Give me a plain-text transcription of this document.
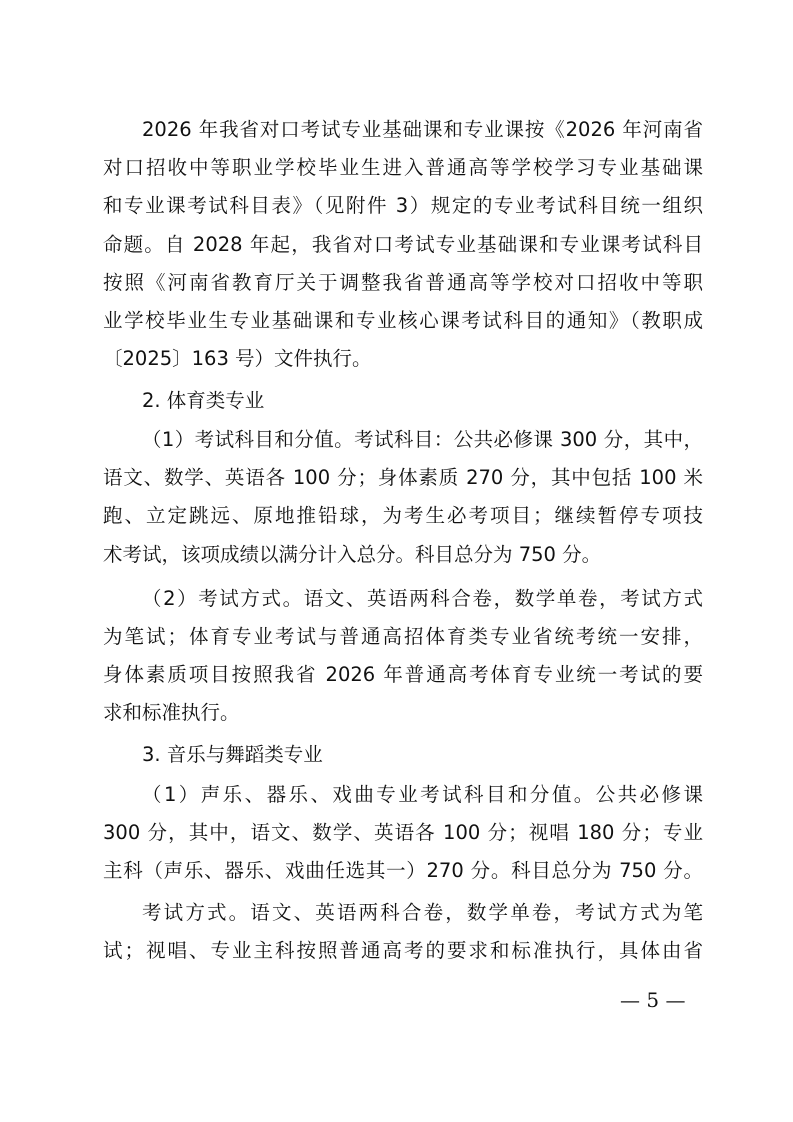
2026 年我省对口考试专业基础课和专业课按《2026 年河南省
对口招收中等职业学校毕业生进入普通高等学校学习专业基础课
和专业课考试科目表》（见附件 3）规定的专业考试科目统一组织
命题。自 2028 年起，我省对口考试专业基础课和专业课考试科目
按照《河南省教育厅关于调整我省普通高等学校对口招收中等职
业学校毕业生专业基础课和专业核心课考试科目的通知》（教职成
〔2025〕163 号）文件执行。
2. 体育类专业
（1）考试科目和分值。考试科目：公共必修课 300 分，其中，
语文、数学、英语各 100 分；身体素质 270 分，其中包括 100 米
跑、立定跳远、原地推铅球，为考生必考项目；继续暂停专项技
术考试，该项成绩以满分计入总分。科目总分为 750 分。
（2）考试方式。语文、英语两科合卷，数学单卷，考试方式
为笔试；体育专业考试与普通高招体育类专业省统考统一安排，
身体素质项目按照我省 2026 年普通高考体育专业统一考试的要
求和标准执行。
3. 音乐与舞蹈类专业
（1）声乐、器乐、戏曲专业考试科目和分值。公共必修课
300 分，其中，语文、数学、英语各 100 分；视唱 180 分；专业
主科（声乐、器乐、戏曲任选其一）270 分。科目总分为 750 分。
考试方式。语文、英语两科合卷，数学单卷，考试方式为笔
试；视唱、专业主科按照普通高考的要求和标准执行，具体由省
— 5 —
